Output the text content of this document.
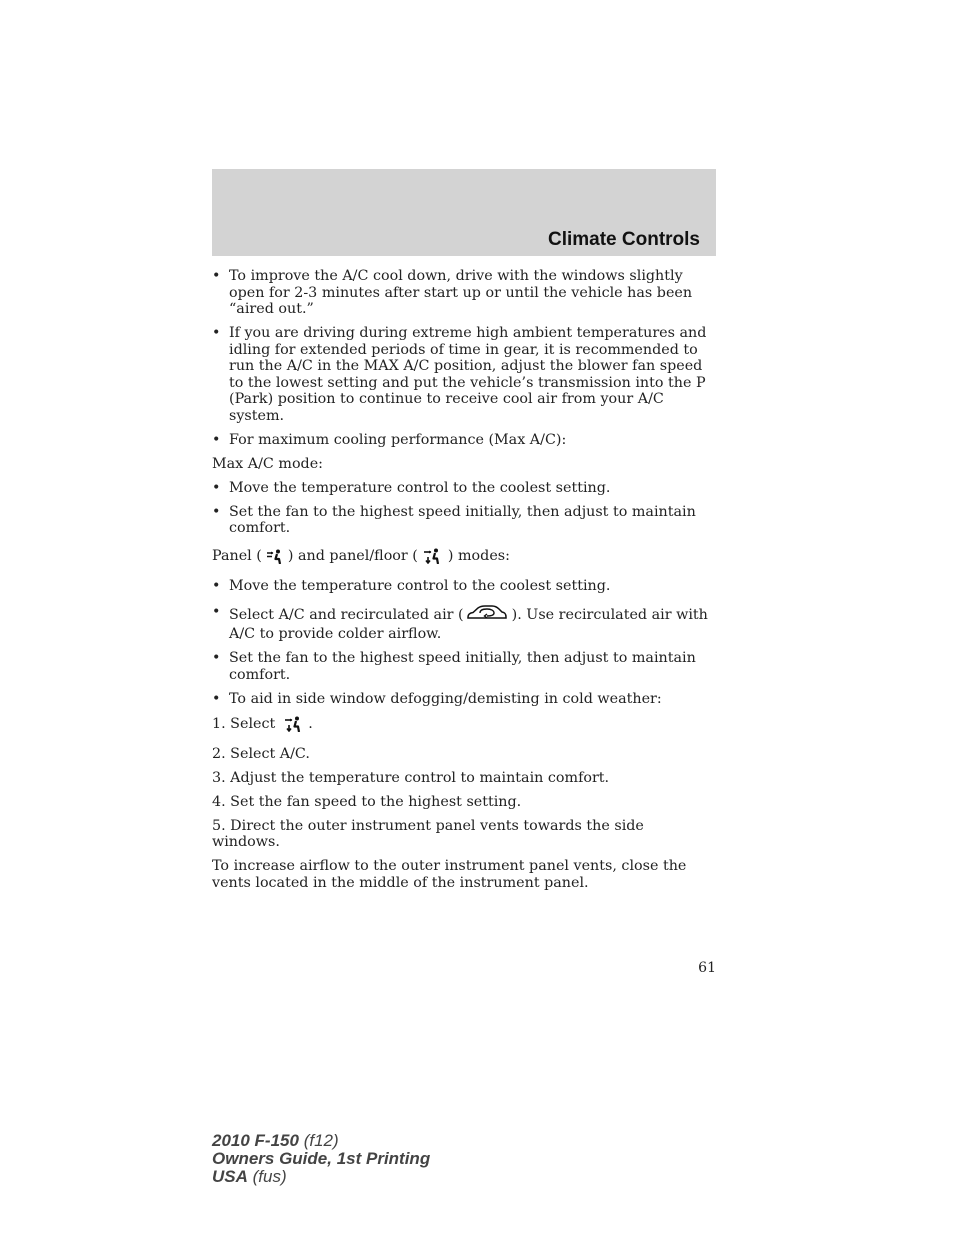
Climate Controls

• To improve the A/C cool down, drive with the windows slightly open for 2-3 minutes after start up or until the vehicle has been “aired out.”

• If you are driving during extreme high ambient temperatures and idling for extended periods of time in gear, it is recommended to run the A/C in the MAX A/C position, adjust the blower fan speed to the lowest setting and put the vehicle’s transmission into the P (Park) position to continue to receive cool air from your A/C system.

• For maximum cooling performance (Max A/C):

Max A/C mode:

• Move the temperature control to the coolest setting.

• Set the fan to the highest speed initially, then adjust to maintain comfort.

Panel ( ) and panel/floor ( ) modes:

• Move the temperature control to the coolest setting.

• Select A/C and recirculated air (	). Use recirculated air with A/C to provide colder airflow.

• Set the fan to the highest speed initially, then adjust to maintain comfort.

• To aid in side window defogging/demisting in cold weather:

1. Select .

2. Select A/C.

3. Adjust the temperature control to maintain comfort.

4. Set the fan speed to the highest setting.

5. Direct the outer instrument panel vents towards the side windows.

To increase airflow to the outer instrument panel vents, close the vents located in the middle of the instrument panel.

61

2010 F-150 (f12)
Owners Guide, 1st Printing
USA (fus)
